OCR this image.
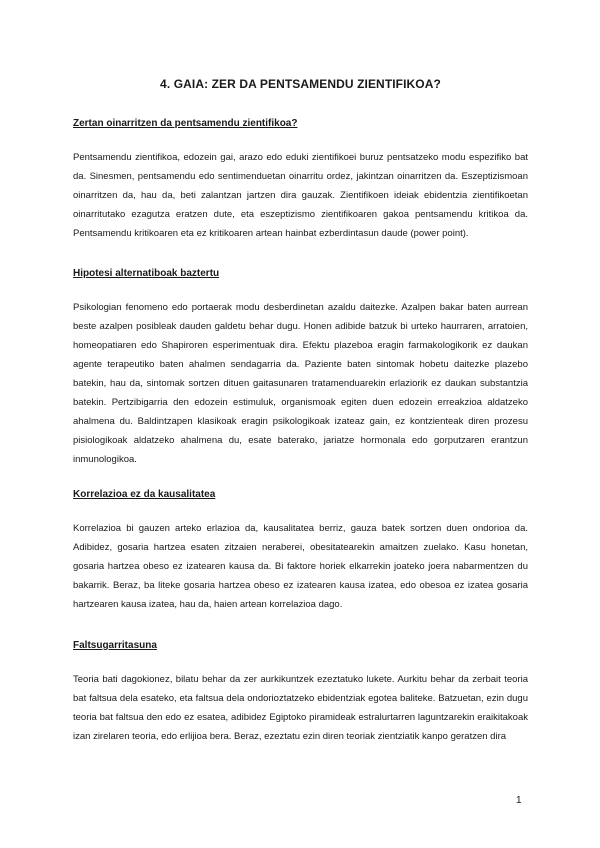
4. GAIA: ZER DA PENTSAMENDU ZIENTIFIKOA?
Zertan oinarritzen da pentsamendu zientifikoa?

Pentsamendu zientifikoa, edozein gai, arazo edo eduki zientifikoei buruz pentsatzeko modu espezifiko bat da. Sinesmen, pentsamendu edo sentimenduetan oinarritu ordez, jakintzan oinarritzen da. Eszeptizismoan oinarritzen da, hau da, beti zalantzan jartzen dira gauzak. Zientifikoen ideiak ebidentzia zientifikoetan oinarritutako ezagutza eratzen dute, eta eszeptizismo zientifikoaren gakoa pentsamendu kritikoa da. Pentsamendu kritikoaren eta ez kritikoaren artean hainbat ezberdintasun daude (power point).

Hipotesi alternatiboak baztertu

Psikologian fenomeno edo portaerak modu desberdinetan azaldu daitezke. Azalpen bakar baten aurrean beste azalpen posibleak dauden galdetu behar dugu. Honen adibide batzuk bi urteko haurraren, arratoien, homeopatiaren edo Shapiroren esperimentuak dira. Efektu plazeboa eragin farmakologikorik ez daukan agente terapeutiko baten ahalmen sendagarria da. Paziente baten sintomak hobetu daitezke plazebo batekin, hau da, sintomak sortzen dituen gaitasunaren tratamenduarekin erlaziorik ez daukan substantzia batekin. Pertzibigarria den edozein estimuluk, organismoak egiten duen edozein erreakzioa aldatzeko ahalmena du. Baldintzapen klasikoak eragin psikologikoak izateaz gain, ez kontzienteak diren prozesu pisiologikoak aldatzeko ahalmena du, esate baterako, jariatze hormonala edo gorputzaren erantzun inmunologikoa.

Korrelazioa ez da kausalitatea

Korrelazioa bi gauzen arteko erlazioa da, kausalitatea berriz, gauza batek sortzen duen ondorioa da. Adibidez, gosaria hartzea esaten zitzaien neraberei, obesitatearekin amaitzen zuelako. Kasu honetan, gosaria hartzea obeso ez izatearen kausa da. Bi faktore horiek elkarrekin joateko joera nabarmentzen du bakarrik. Beraz, ba liteke gosaria hartzea obeso ez izatearen kausa izatea, edo obesoa ez izatea gosaria hartzearen kausa izatea, hau da, haien artean korrelazioa dago.

Faltsugarritasuna

Teoria bati dagokionez, bilatu behar da zer aurkikuntzek ezeztatuko lukete. Aurkitu behar da zerbait teoria bat faltsua dela esateko, eta faltsua dela ondorioztatzeko ebidentziak egotea baliteke. Batzuetan, ezin dugu teoria bat faltsua den edo ez esatea, adibidez Egiptoko piramideak estralurtarren laguntzarekin eraikitakoak izan zirelaren teoria, edo erlijioa bera. Beraz, ezeztatu ezin diren teoriak zientziatik kanpo geratzen dira

1
